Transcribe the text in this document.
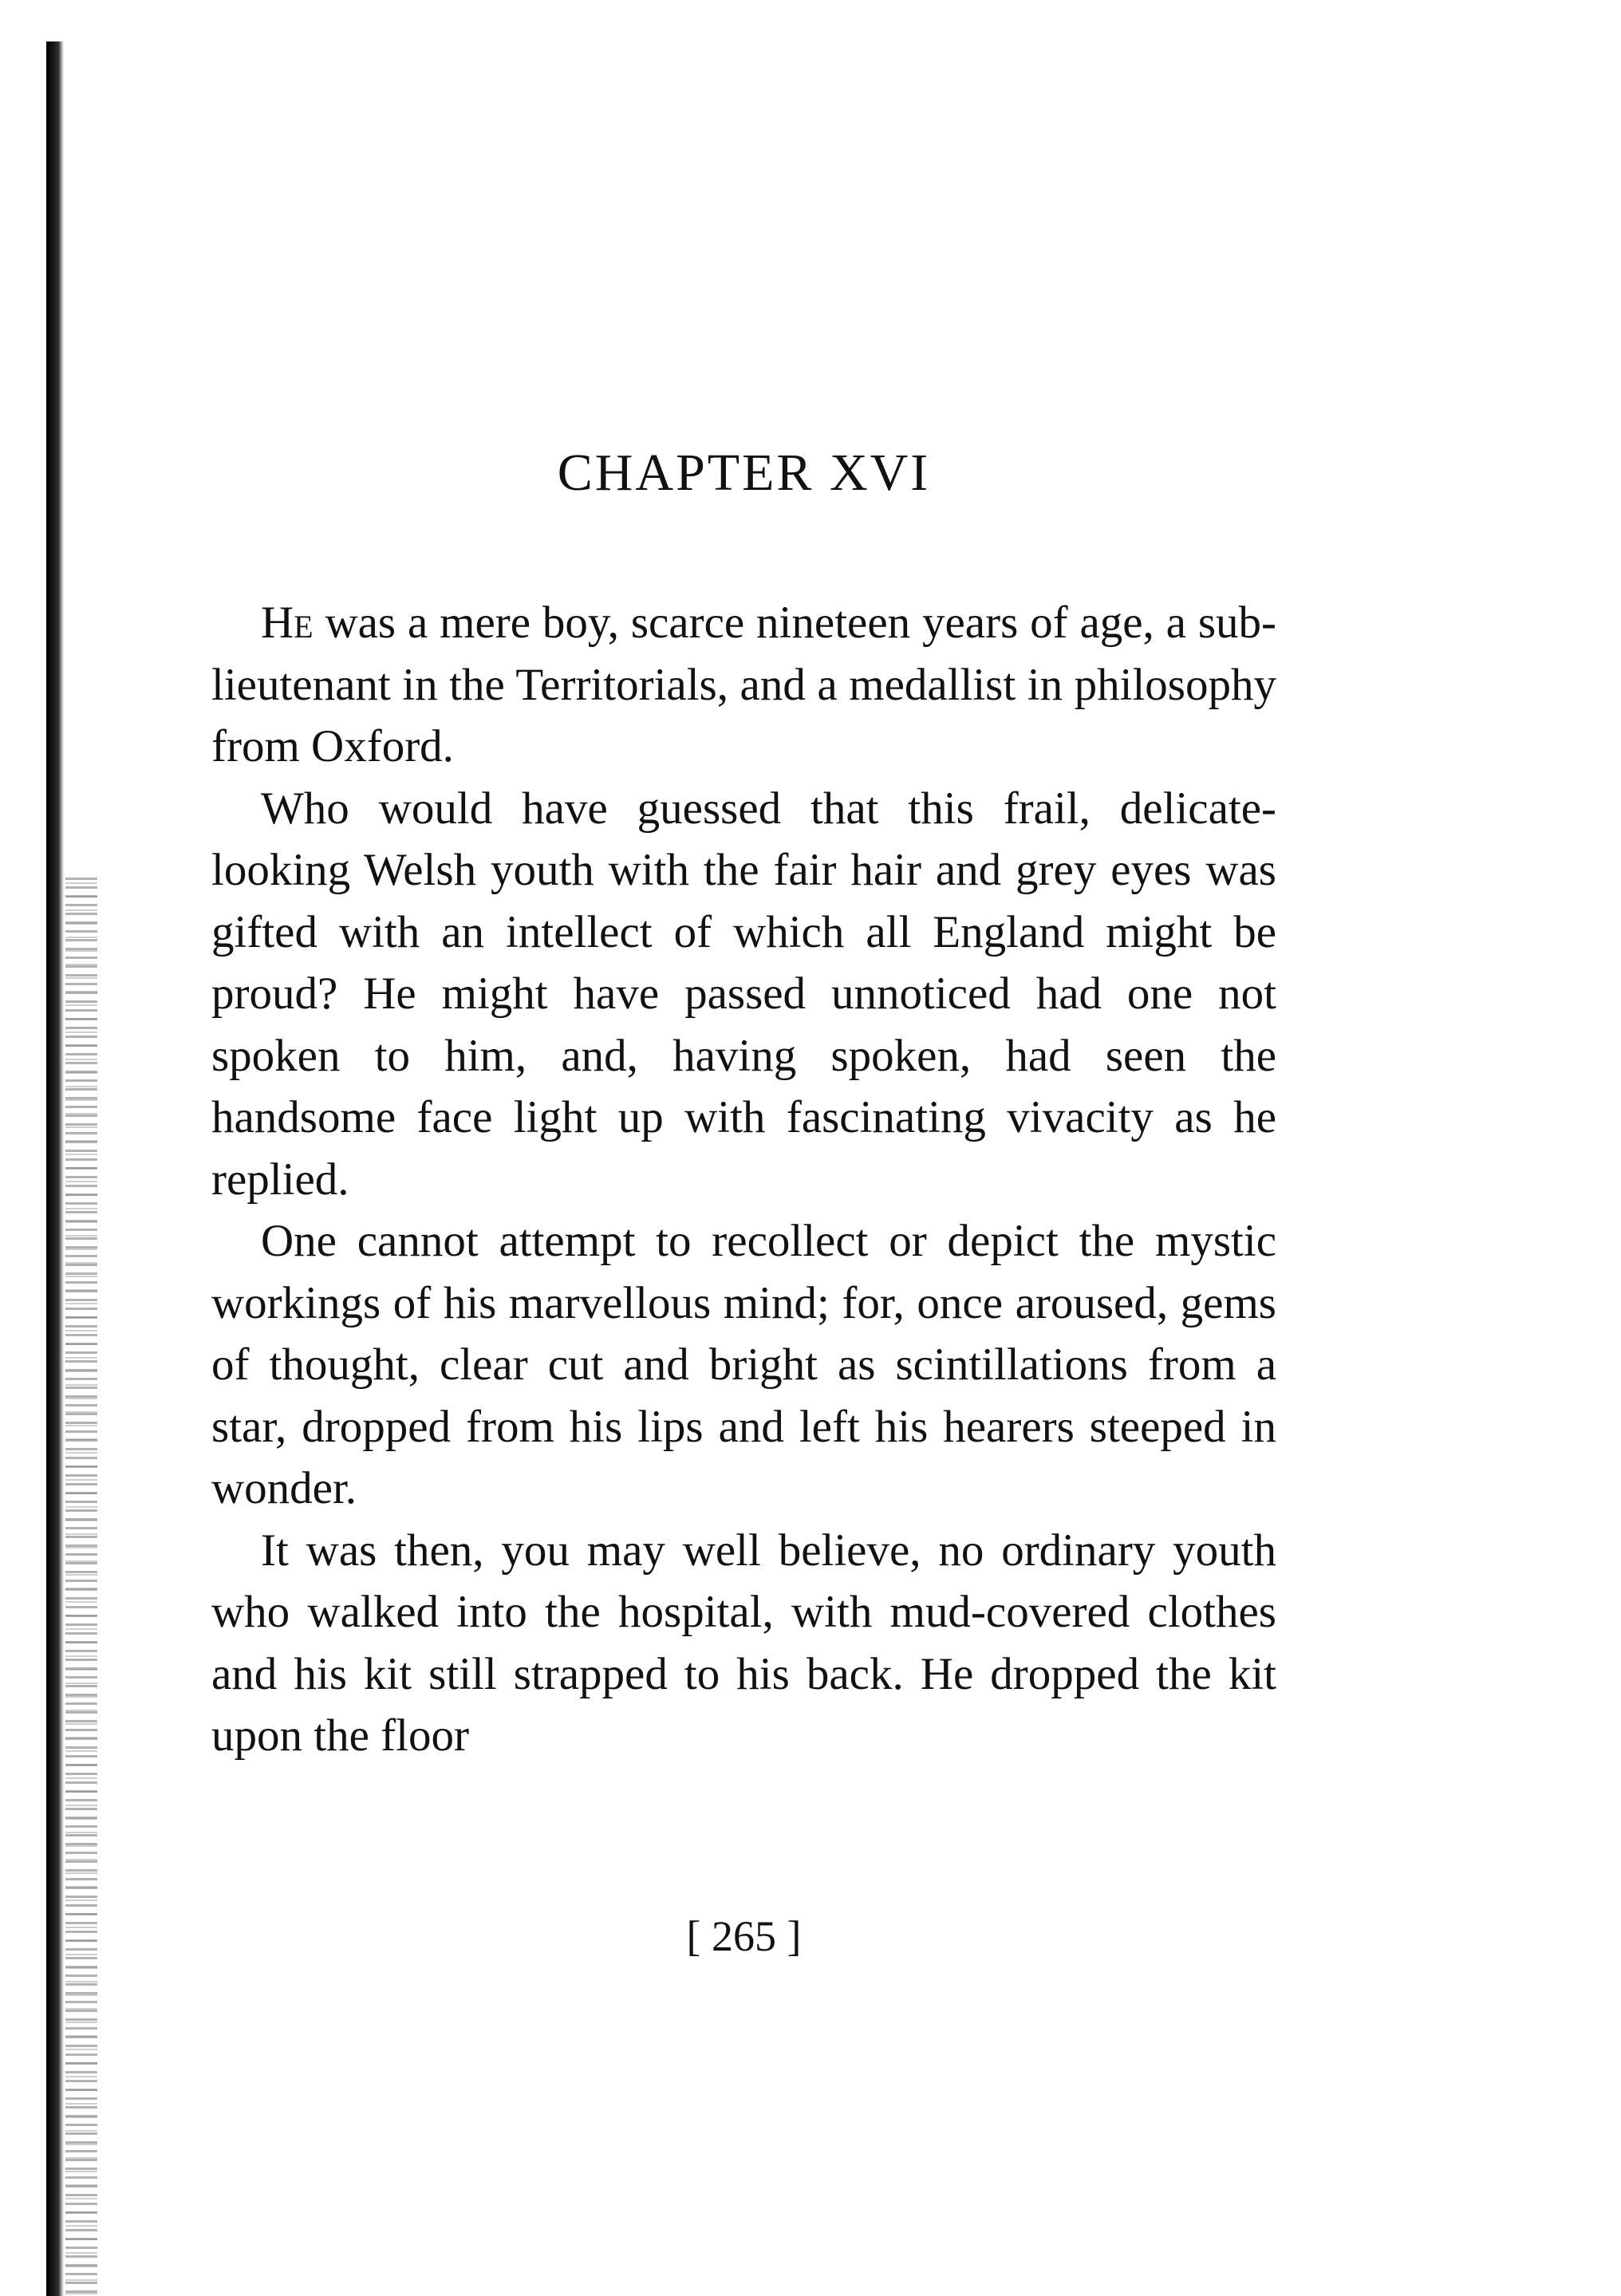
CHAPTER XVI

He was a mere boy, scarce nineteen years of age, a sub-lieutenant in the Territorials, and a medallist in philosophy from Oxford.

Who would have guessed that this frail, delicate-looking Welsh youth with the fair hair and grey eyes was gifted with an intellect of which all England might be proud? He might have passed unnoticed had one not spoken to him, and, having spoken, had seen the handsome face light up with fascinating vivacity as he replied.

One cannot attempt to recollect or depict the mystic workings of his marvellous mind; for, once aroused, gems of thought, clear cut and bright as scintillations from a star, dropped from his lips and left his hearers steeped in wonder.

It was then, you may well believe, no ordinary youth who walked into the hospital, with mud-covered clothes and his kit still strapped to his back. He dropped the kit upon the floor

[ 265 ]
